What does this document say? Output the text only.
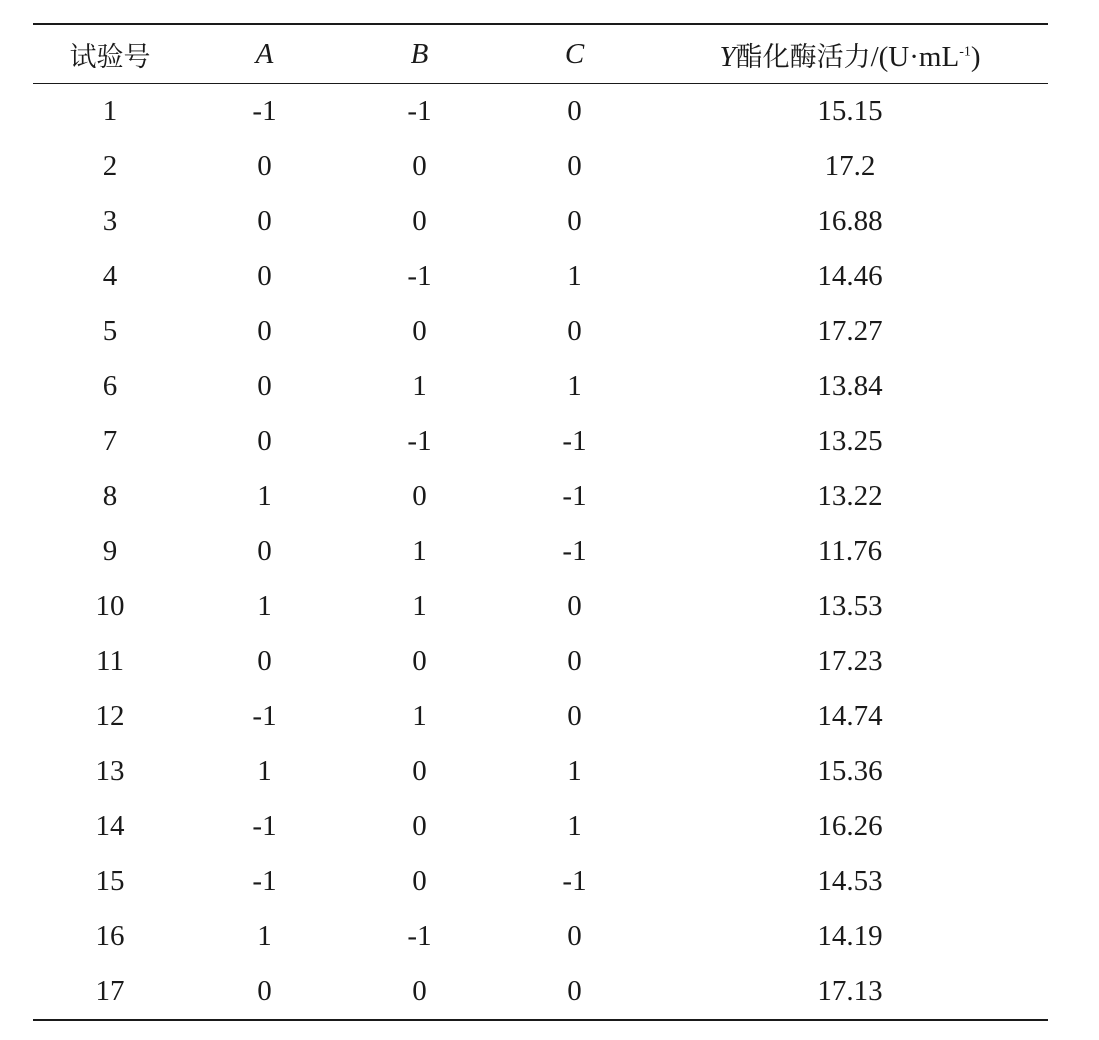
试验号	A	B	C	Y酯化酶活力$/(U\cdot mL^{-1})$
1	-1	-1	0	15.15
2	0	0	0	17.2
3	0	0	0	16.88
4	0	-1	1	14.46
5	0	0	0	17.27
6	0	1	1	13.84
7	0	-1	-1	13.25
8	1	0	-1	13.22
9	0	1	-1	11.76
10	1	1	0	13.53
11	0	0	0	17.23
12	-1	1	0	14.74
13	1	0	1	15.36
14	-1	0	1	16.26
15	-1	0	-1	14.53
16	1	-1	0	14.19
17	0	0	0	17.13
